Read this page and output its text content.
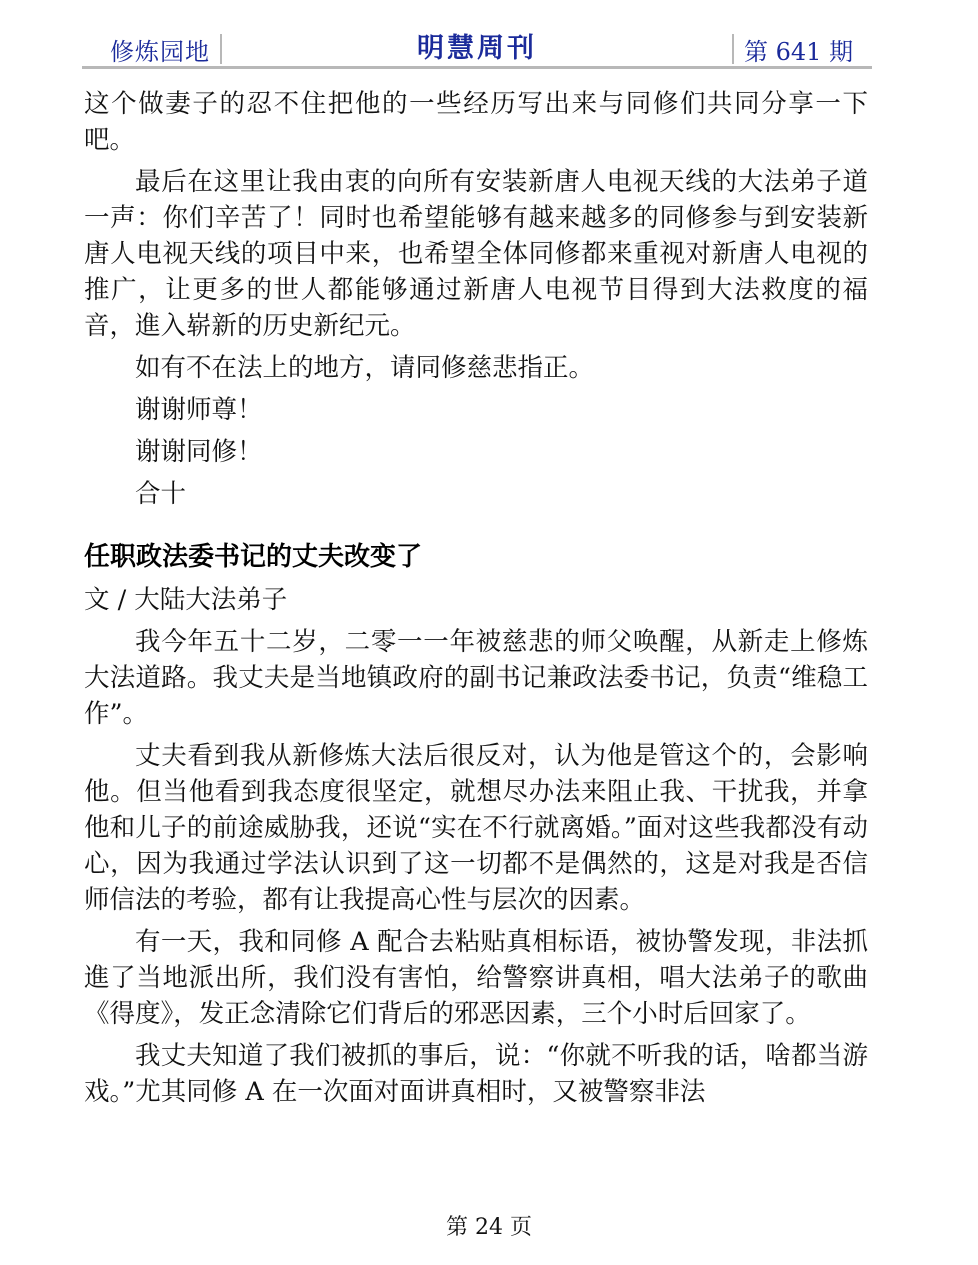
修炼园地	明慧周刊	第 641 期

这个做妻子的忍不住把他的一些经历写出来与同修们共同分享一下吧。

最后在这里让我由衷的向所有安装新唐人电视天线的大法弟子道一声：你们辛苦了！同时也希望能够有越来越多的同修参与到安装新唐人电视天线的项目中来，也希望全体同修都来重视对新唐人电视的推广，让更多的世人都能够通过新唐人电视节目得到大法救度的福音，進入崭新的历史新纪元。

如有不在法上的地方，请同修慈悲指正。

谢谢师尊！

谢谢同修！

合十

任职政法委书记的丈夫改变了

文 / 大陆大法弟子

我今年五十二岁，二零一一年被慈悲的师父唤醒，从新走上修炼大法道路。我丈夫是当地镇政府的副书记兼政法委书记，负责“维稳工作”。

丈夫看到我从新修炼大法后很反对，认为他是管这个的，会影响他。但当他看到我态度很坚定，就想尽办法来阻止我、干扰我，并拿他和儿子的前途威胁我，还说“实在不行就离婚。”面对这些我都没有动心，因为我通过学法认识到了这一切都不是偶然的，这是对我是否信师信法的考验，都有让我提高心性与层次的因素。

有一天，我和同修 A 配合去粘贴真相标语，被协警发现，非法抓進了当地派出所，我们没有害怕，给警察讲真相，唱大法弟子的歌曲《得度》，发正念清除它们背后的邪恶因素，三个小时后回家了。

我丈夫知道了我们被抓的事后，说：“你就不听我的话，啥都当游戏。”尤其同修 A 在一次面对面讲真相时，又被警察非法

第 24 页
